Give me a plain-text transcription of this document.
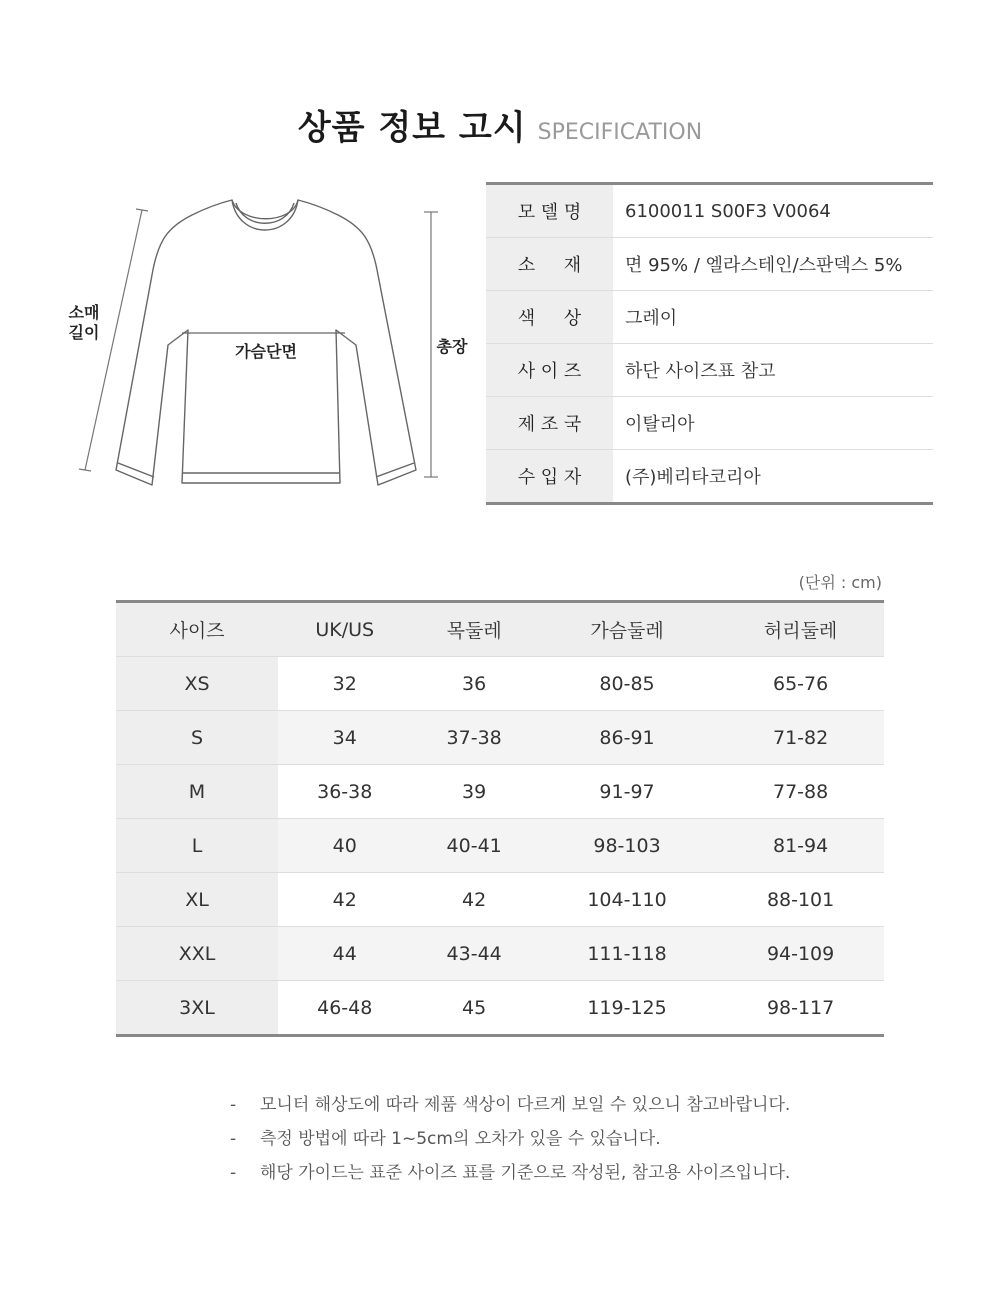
상품 정보 고시 SPECIFICATION
소매
길이
가슴단면	총장
모 델 명	6100011 S00F3 V0064
소     재	면 95% / 엘라스테인/스판덱스 5%
색     상	그레이
사 이 즈	하단 사이즈표 참고
제 조 국	이탈리아
수 입 자	(주)베리타코리아
(단위 : cm)
사이즈	UK/US	목둘레	가슴둘레	허리둘레
XS	32	36	80-85	65-76
S	34	37-38	86-91	71-82
M	36-38	39	91-97	77-88
L	40	40-41	98-103	81-94
XL	42	42	104-110	88-101
XXL	44	43-44	111-118	94-109
3XL	46-48	45	119-125	98-117
- 모니터 해상도에 따라 제품 색상이 다르게 보일 수 있으니 참고바랍니다.
- 측정 방법에 따라 1~5cm의 오차가 있을 수 있습니다.
- 해당 가이드는 표준 사이즈 표를 기준으로 작성된, 참고용 사이즈입니다.
